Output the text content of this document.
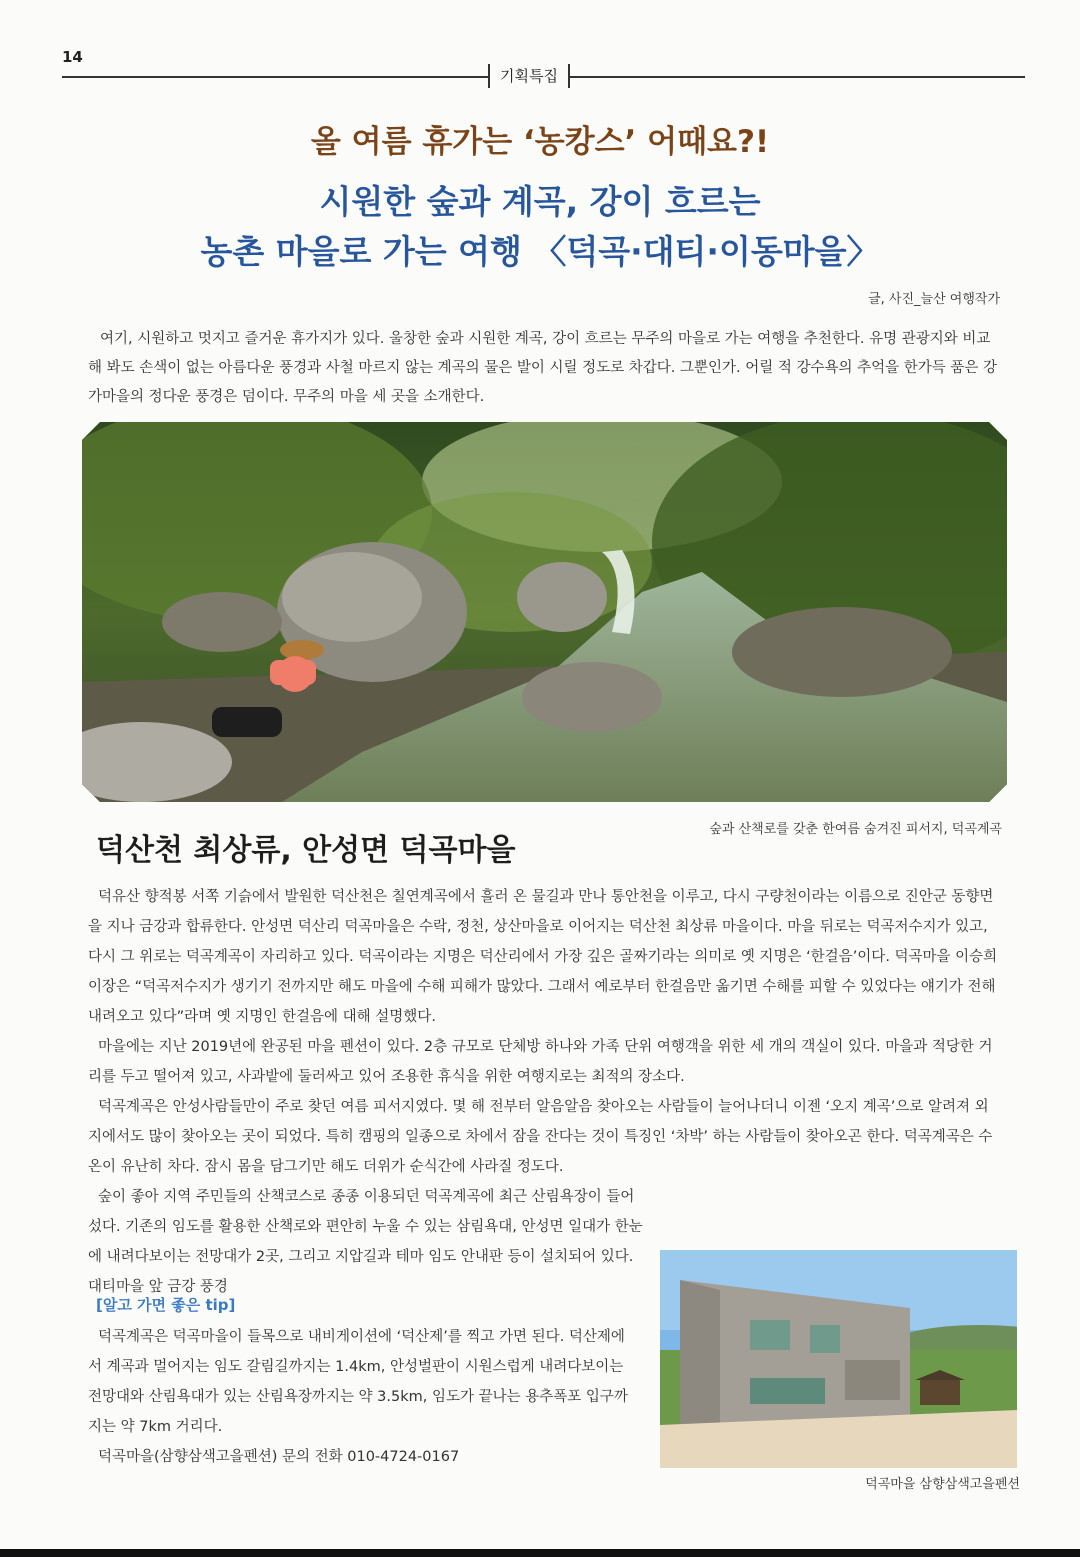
14
기획특집
올 여름 휴가는 ‘농캉스’ 어때요?!
시원한 숲과 계곡, 강이 흐르는
농촌 마을로 가는 여행 〈덕곡·대티·이동마을〉
글, 사진_늘산 여행작가

여기, 시원하고 멋지고 즐거운 휴가지가 있다. 울창한 숲과 시원한 계곡, 강이 흐르는 무주의 마을로 가는 여행을 추천한다. 유명 관광지와 비교해 봐도 손색이 없는 아름다운 풍경과 사철 마르지 않는 계곡의 물은 발이 시릴 정도로 차갑다. 그뿐인가. 어릴 적 강수욕의 추억을 한가득 품은 강가마을의 정다운 풍경은 덤이다. 무주의 마을 세 곳을 소개한다.

덕산천 최상류, 안성면 덕곡마을
숲과 산책로를 갖춘 한여름 숨겨진 피서지, 덕곡계곡

덕유산 향적봉 서쪽 기슭에서 발원한 덕산천은 칠연계곡에서 흘러 온 물길과 만나 통안천을 이루고, 다시 구량천이라는 이름으로 진안군 동향면을 지나 금강과 합류한다. 안성면 덕산리 덕곡마을은 수락, 정천, 상산마을로 이어지는 덕산천 최상류 마을이다. 마을 뒤로는 덕곡저수지가 있고, 다시 그 위로는 덕곡계곡이 자리하고 있다. 덕곡이라는 지명은 덕산리에서 가장 깊은 골짜기라는 의미로 옛 지명은 ‘한걸음’이다. 덕곡마을 이승희 이장은 “덕곡저수지가 생기기 전까지만 해도 마을에 수해 피해가 많았다. 그래서 예로부터 한걸음만 옮기면 수해를 피할 수 있었다는 얘기가 전해 내려오고 있다”라며 옛 지명인 한걸음에 대해 설명했다.

마을에는 지난 2019년에 완공된 마을 펜션이 있다. 2층 규모로 단체방 하나와 가족 단위 여행객을 위한 세 개의 객실이 있다. 마을과 적당한 거리를 두고 떨어져 있고, 사과밭에 둘러싸고 있어 조용한 휴식을 위한 여행지로는 최적의 장소다.

덕곡계곡은 안성사람들만이 주로 찾던 여름 피서지였다. 몇 해 전부터 알음알음 찾아오는 사람들이 늘어나더니 이젠 ‘오지 계곡’으로 알려져 외지에서도 많이 찾아오는 곳이 되었다. 특히 캠핑의 일종으로 차에서 잠을 잔다는 것이 특징인 ‘차박’ 하는 사람들이 찾아오곤 한다. 덕곡계곡은 수온이 유난히 차다. 잠시 몸을 담그기만 해도 더위가 순식간에 사라질 정도다.

숲이 좋아 지역 주민들의 산책코스로 종종 이용되던 덕곡계곡에 최근 산림욕장이 들어섰다. 기존의 임도를 활용한 산책로와 편안히 누울 수 있는 삼림욕대, 안성면 일대가 한눈에 내려다보이는 전망대가 2곳, 그리고 지압길과 테마 임도 안내판 등이 설치되어 있다. 대티마을 앞 금강 풍경

[알고 가면 좋은 tip]

덕곡계곡은 덕곡마을이 들목으로 내비게이션에 ‘덕산제’를 찍고 가면 된다. 덕산제에서 계곡과 멀어지는 임도 갈림길까지는 1.4km, 안성벌판이 시원스럽게 내려다보이는 전망대와 산림욕대가 있는 산림욕장까지는 약 3.5km, 임도가 끝나는 용추폭포 입구까지는 약 7km 거리다.

덕곡마을(삼향삼색고을펜션) 문의 전화 010-4724-0167

덕곡마을 삼향삼색고을펜션
